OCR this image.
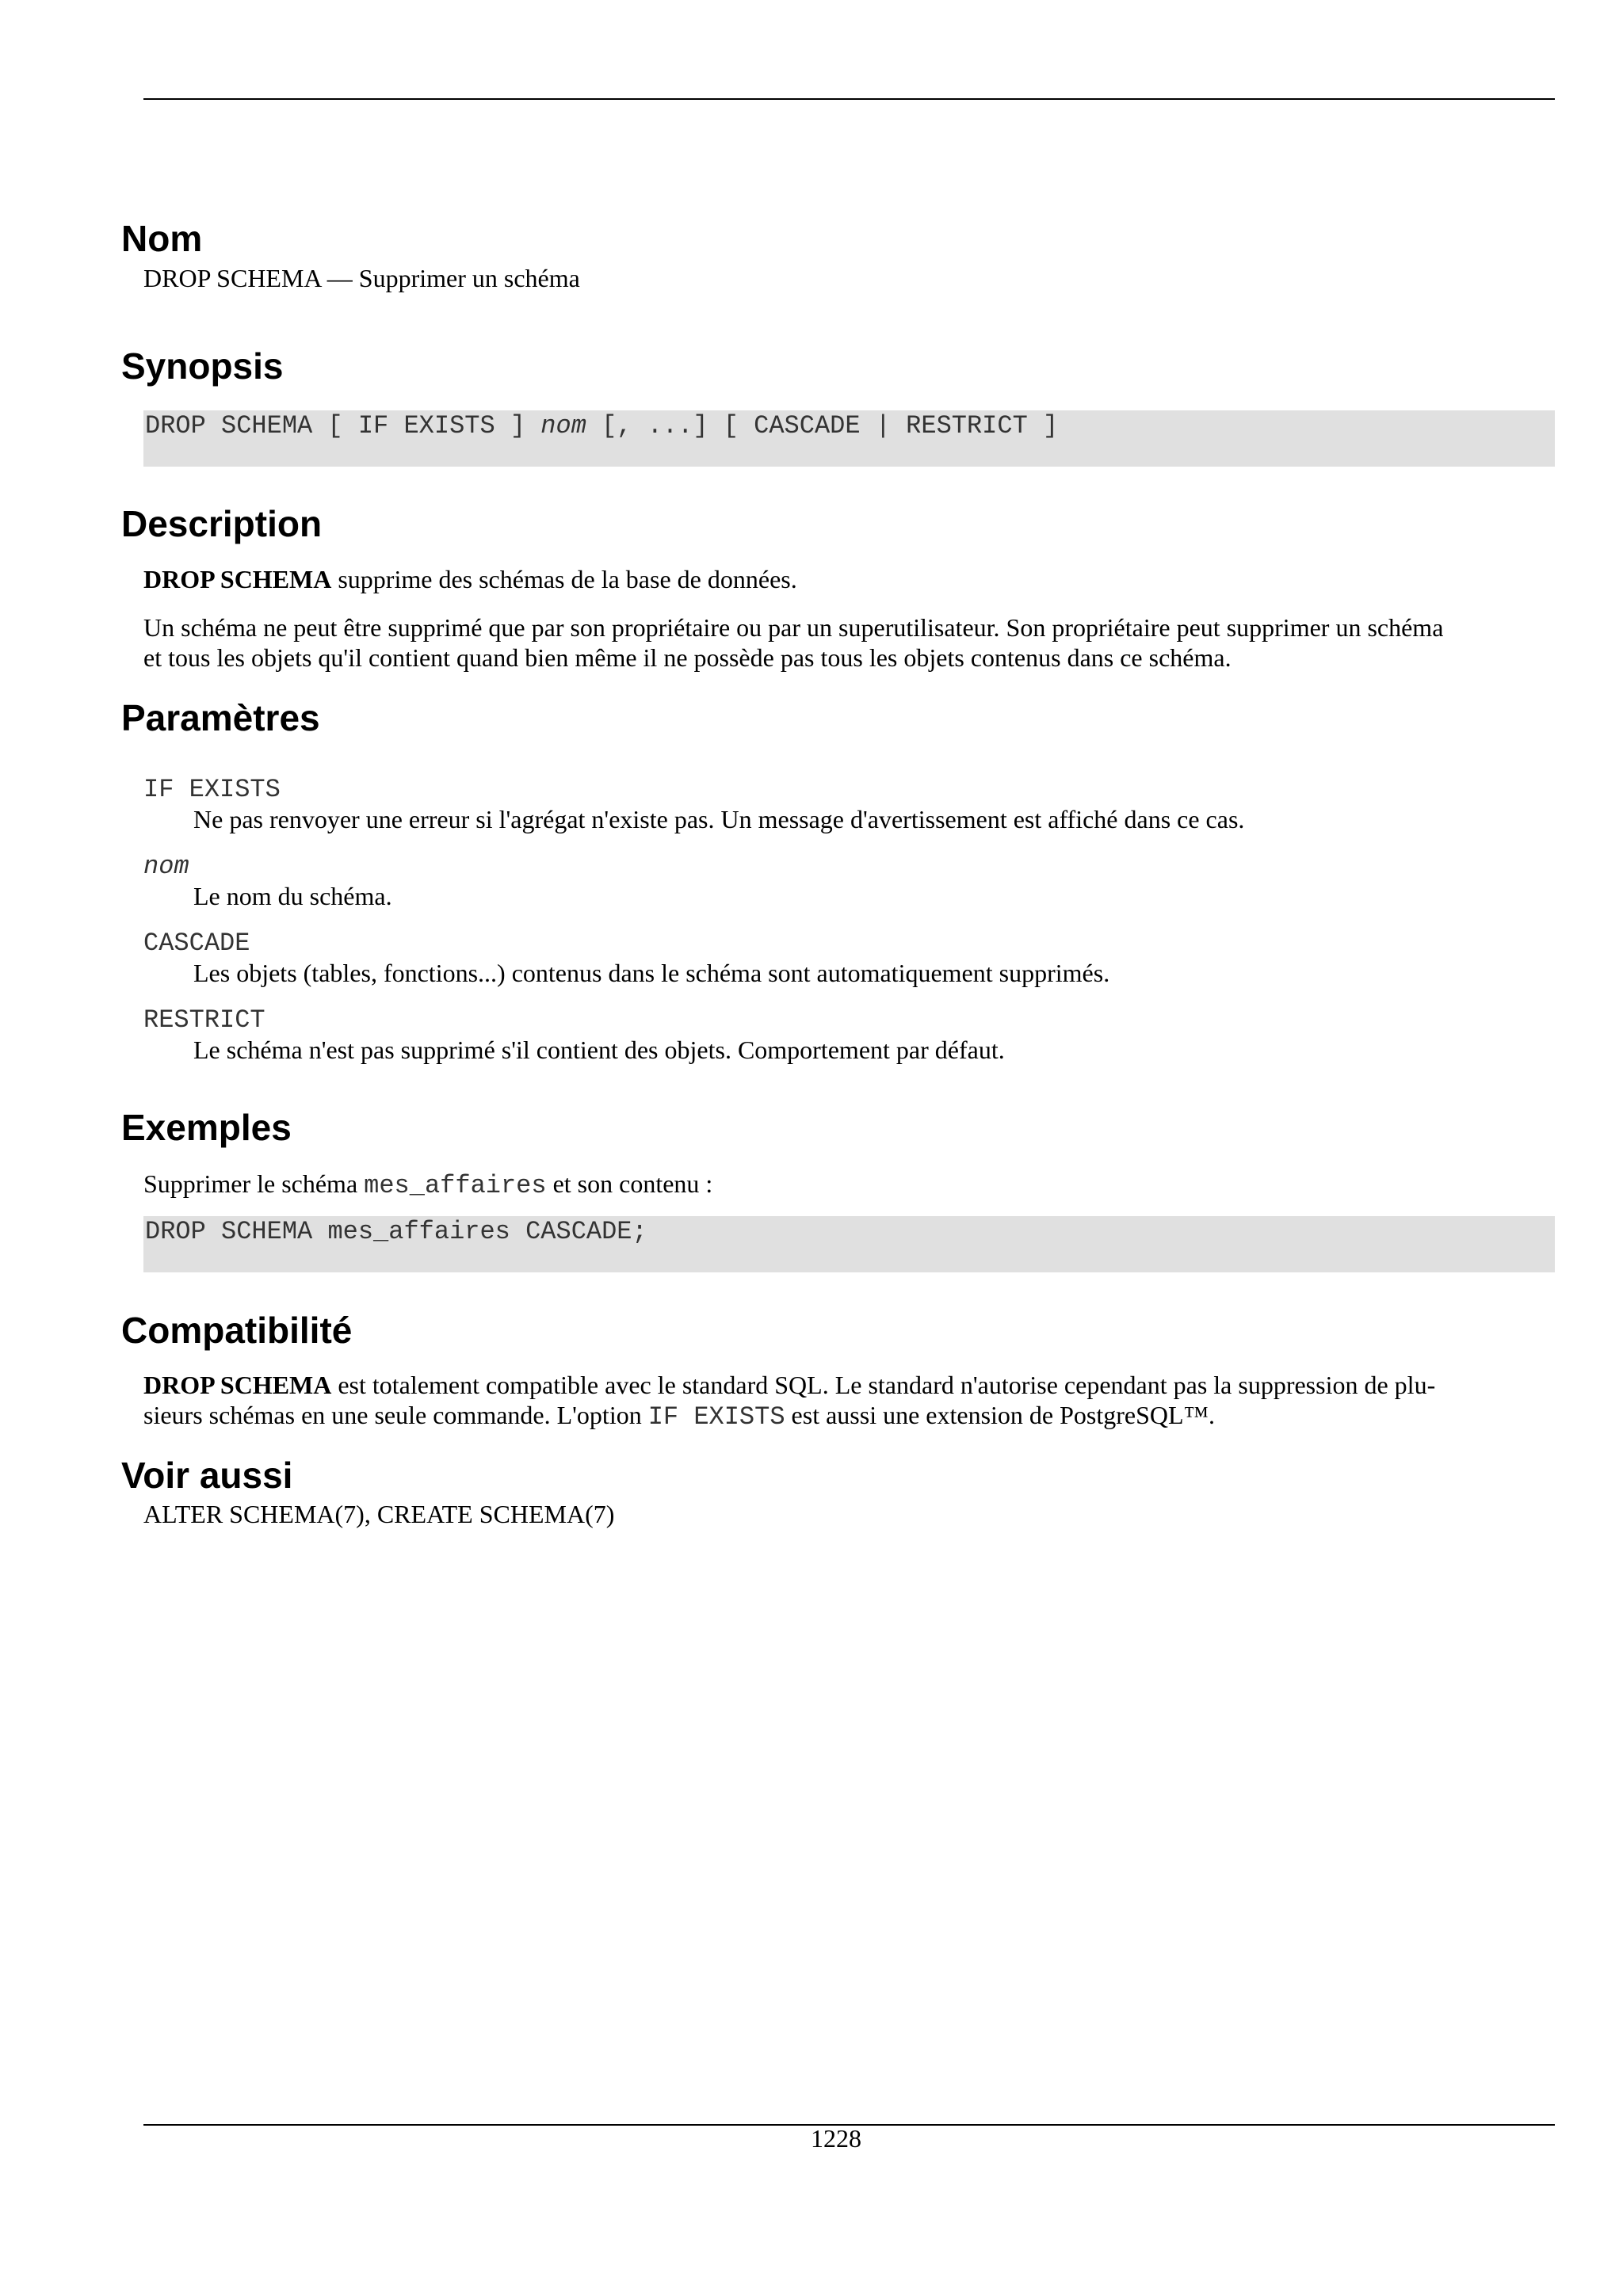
Nom

DROP SCHEMA — Supprimer un schéma

Synopsis
DROP SCHEMA [ IF EXISTS ] nom [, ...] [ CASCADE | RESTRICT ]
Description

DROP SCHEMA supprime des schémas de la base de données.

Un schéma ne peut être supprimé que par son propriétaire ou par un superutilisateur. Son propriétaire peut supprimer un schéma

et tous les objets qu'il contient quand bien même il ne possède pas tous les objets contenus dans ce schéma.

Paramètres

IF EXISTS

Ne pas renvoyer une erreur si l'agrégat n'existe pas. Un message d'avertissement est affiché dans ce cas.

nom

Le nom du schéma.

CASCADE

Les objets (tables, fonctions...) contenus dans le schéma sont automatiquement supprimés.

RESTRICT

Le schéma n'est pas supprimé s'il contient des objets. Comportement par défaut.

Exemples

Supprimer le schéma mes_affaires et son contenu :

DROP SCHEMA mes_affaires CASCADE;
Compatibilité

DROP SCHEMA est totalement compatible avec le standard SQL. Le standard n'autorise cependant pas la suppression de plu-

sieurs schémas en une seule commande. L'option IF EXISTS est aussi une extension de PostgreSQL™.

Voir aussi

ALTER SCHEMA(7), CREATE SCHEMA(7)

1228
